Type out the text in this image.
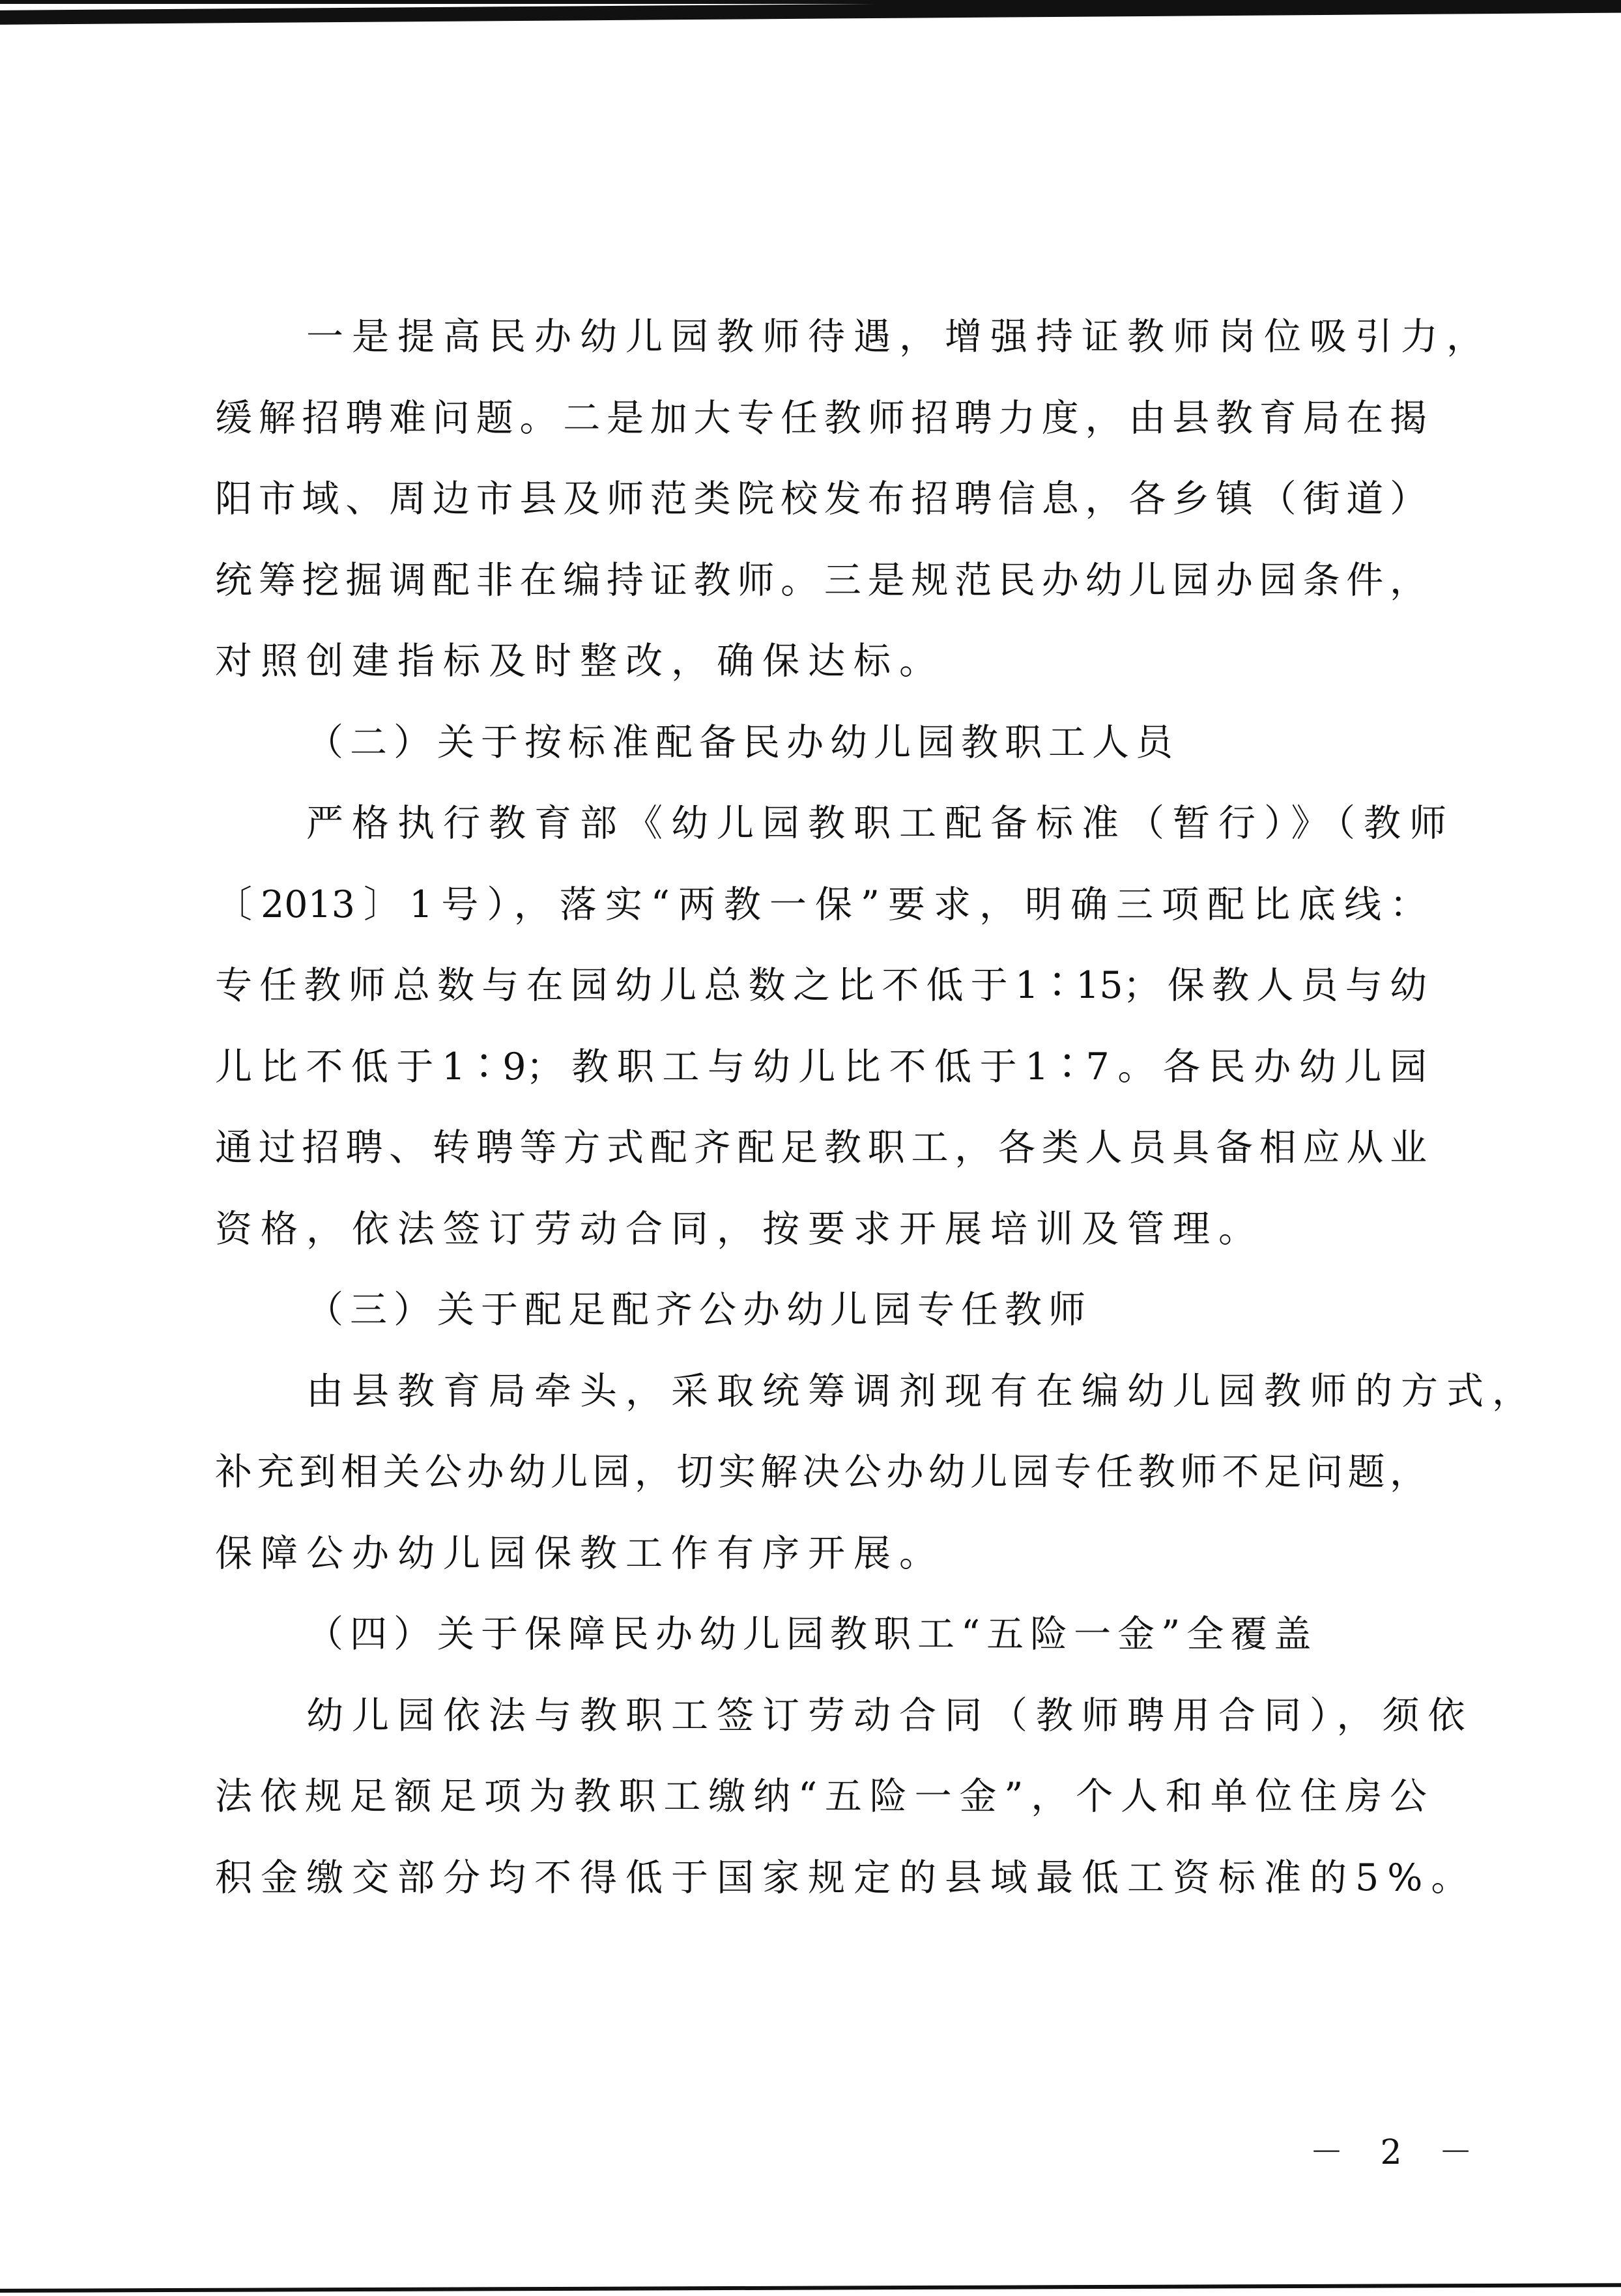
一是提高民办幼儿园教师待遇，增强持证教师岗位吸引力，
缓解招聘难问题。二是加大专任教师招聘力度，由县教育局在揭
阳市域、周边市县及师范类院校发布招聘信息，各乡镇（街道）
统筹挖掘调配非在编持证教师。三是规范民办幼儿园办园条件，
对照创建指标及时整改，确保达标。
（二）关于按标准配备民办幼儿园教职工人员
严格执行教育部《幼儿园教职工配备标准（暂行）》（教师
〔2013〕1号），落实“两教一保”要求，明确三项配比底线：
专任教师总数与在园幼儿总数之比不低于1∶15；保教人员与幼
儿比不低于1∶9；教职工与幼儿比不低于1∶7。各民办幼儿园
通过招聘、转聘等方式配齐配足教职工，各类人员具备相应从业
资格，依法签订劳动合同，按要求开展培训及管理。
（三）关于配足配齐公办幼儿园专任教师
由县教育局牵头，采取统筹调剂现有在编幼儿园教师的方式，
补充到相关公办幼儿园，切实解决公办幼儿园专任教师不足问题，
保障公办幼儿园保教工作有序开展。
（四）关于保障民办幼儿园教职工“五险一金”全覆盖
幼儿园依法与教职工签订劳动合同（教师聘用合同），须依
法依规足额足项为教职工缴纳“五险一金”，个人和单位住房公
积金缴交部分均不得低于国家规定的县域最低工资标准的5%。
－ 2 －
